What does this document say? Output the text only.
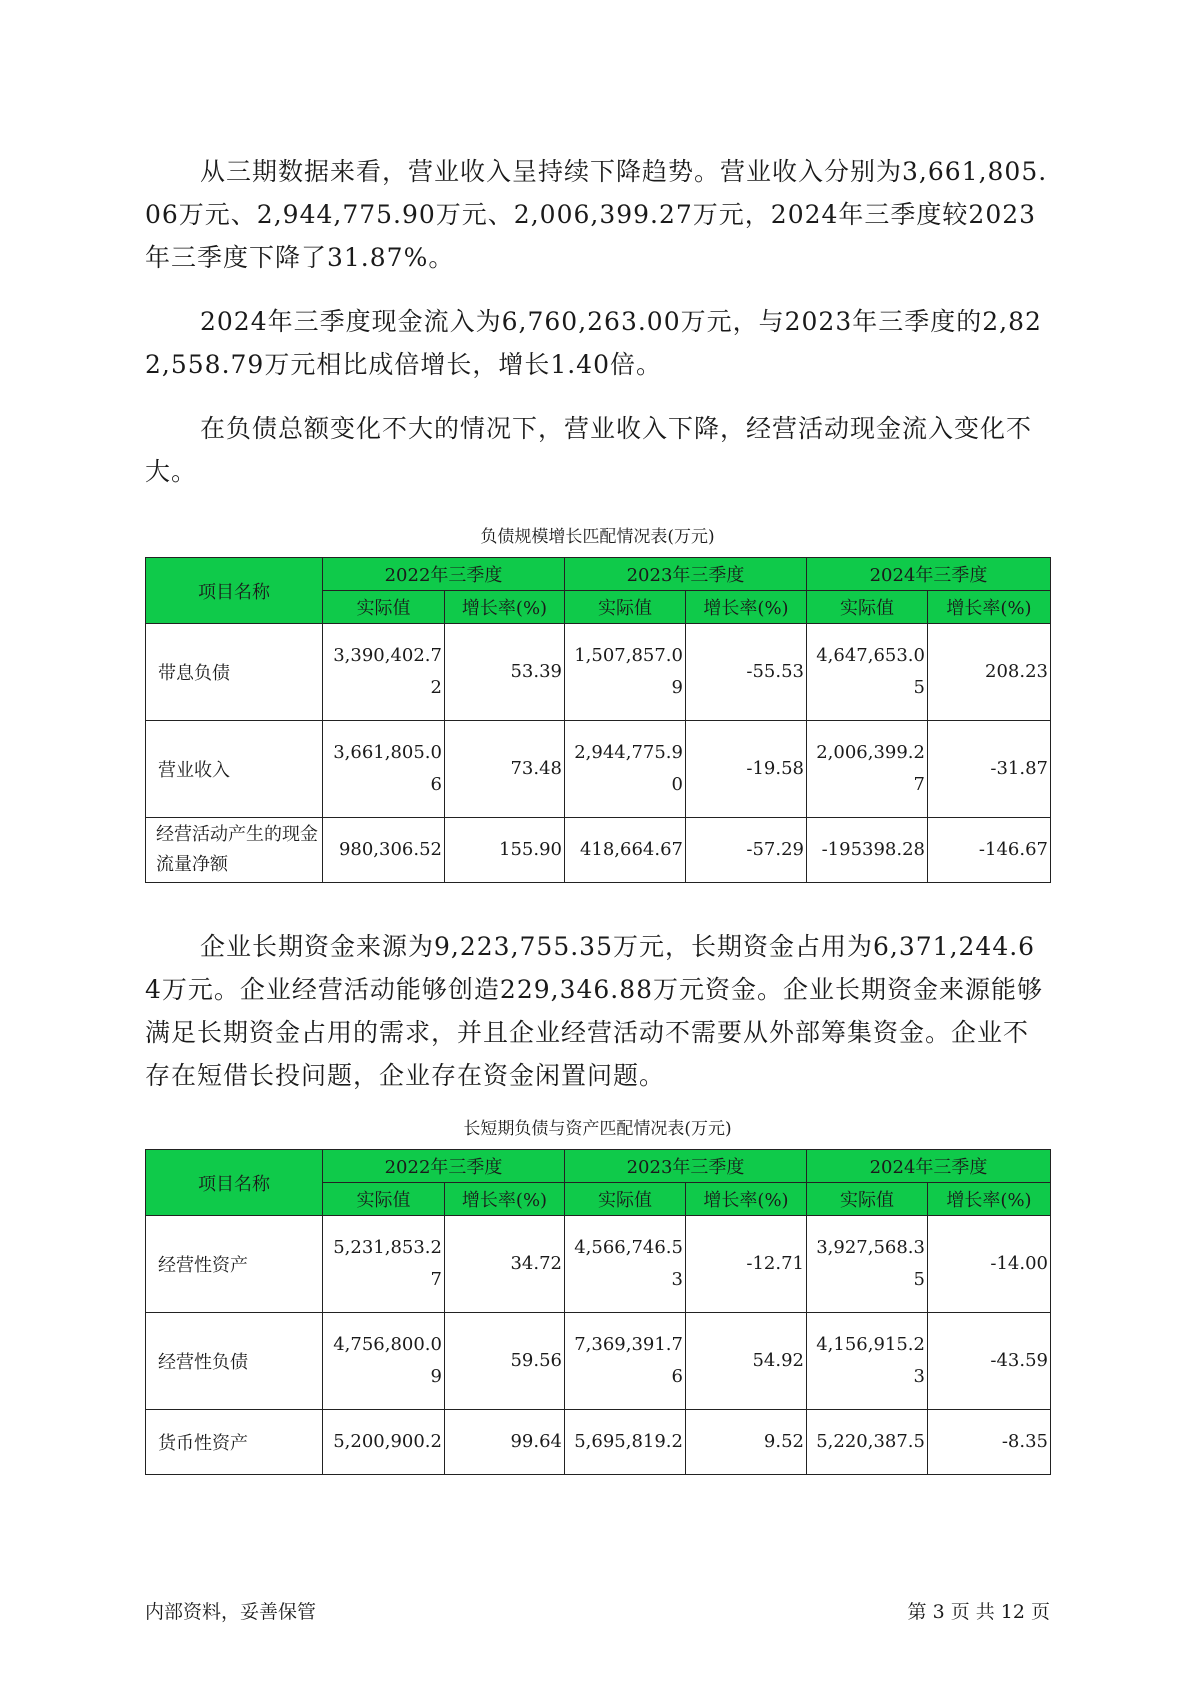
从三期数据来看，营业收入呈持续下降趋势。营业收入分别为3,661,805.06万元、2,944,775.90万元、2,006,399.27万元，2024年三季度较2023年三季度下降了31.87%。

2024年三季度现金流入为6,760,263.00万元，与2023年三季度的2,822,558.79万元相比成倍增长，增长1.40倍。

在负债总额变化不大的情况下，营业收入下降，经营活动现金流入变化不大。

负债规模增长匹配情况表(万元)

项目名称	2022年三季度		2023年三季度		2024年三季度	
	实际值	增长率(%)	实际值	增长率(%)	实际值	增长率(%)
带息负债	3,390,402.72	53.39	1,507,857.09	-55.53	4,647,653.05	208.23
营业收入	3,661,805.06	73.48	2,944,775.90	-19.58	2,006,399.27	-31.87
经营活动产生的现金流量净额	980,306.52	155.90	418,664.67	-57.29	-195398.28	-146.67

企业长期资金来源为9,223,755.35万元，长期资金占用为6,371,244.64万元。企业经营活动能够创造229,346.88万元资金。企业长期资金来源能够满足长期资金占用的需求，并且企业经营活动不需要从外部筹集资金。企业不存在短借长投问题，企业存在资金闲置问题。

长短期负债与资产匹配情况表(万元)

项目名称	2022年三季度		2023年三季度		2024年三季度	
	实际值	增长率(%)	实际值	增长率(%)	实际值	增长率(%)
经营性资产	5,231,853.27	34.72	4,566,746.53	-12.71	3,927,568.35	-14.00
经营性负债	4,756,800.09	59.56	7,369,391.76	54.92	4,156,915.23	-43.59
货币性资产	5,200,900.2	99.64	5,695,819.2	9.52	5,220,387.5	-8.35
内部资料，妥善保管	第 3 页 共 12 页
